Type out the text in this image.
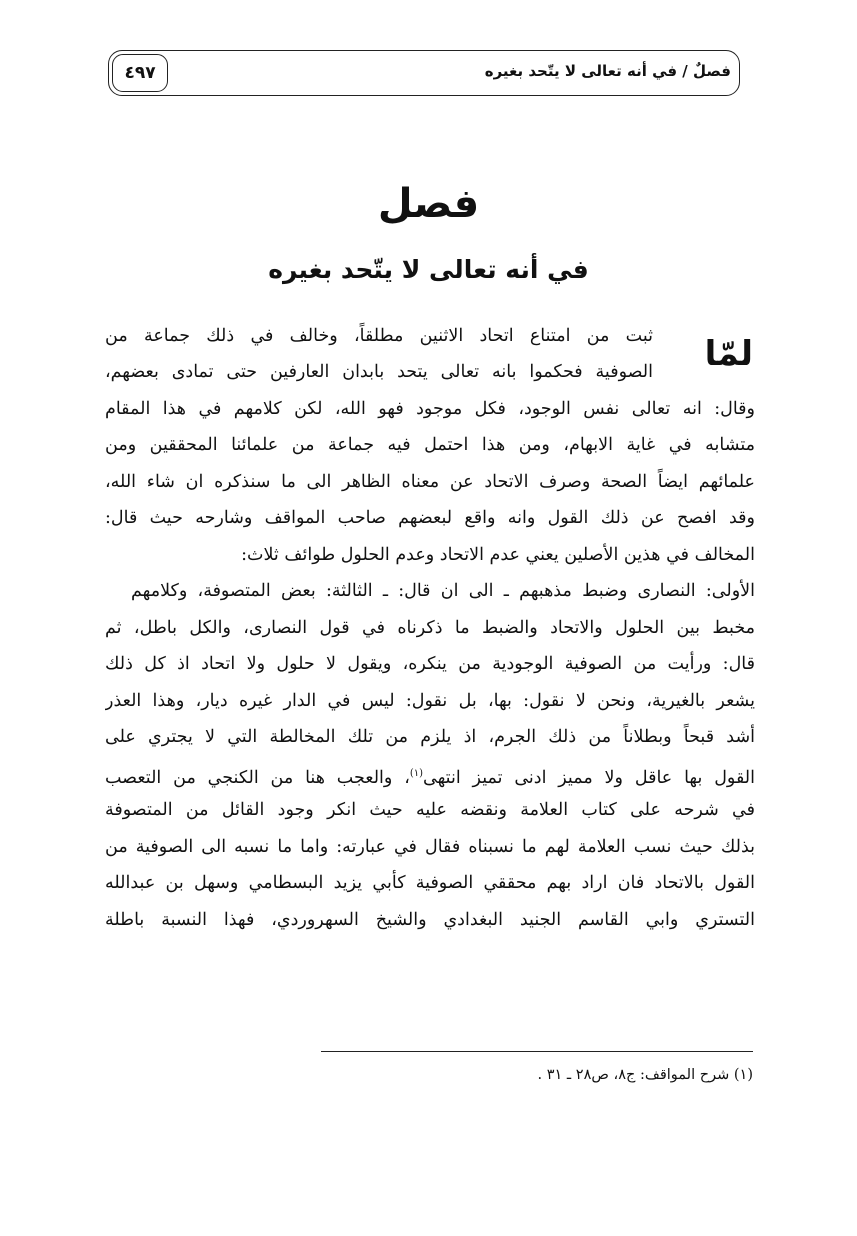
٤٩٧	فصلٌ / في أنه تعالى لا يتّحد بغيره
فصل
في أنه تعالى لا يتّحد بغيره
لمّا
ثبت من امتناع اتحاد الاثنين مطلقاً، وخالف في ذلك جماعة من
الصوفية فحكموا بانه تعالى يتحد بابدان العارفين حتى تمادى بعضهم،
وقال: انه تعالى نفس الوجود، فكل موجود فهو الله، لكن كلامهم في هذا المقام
متشابه في غاية الابهام، ومن هذا احتمل فيه جماعة من علمائنا المحققين ومن
علمائهم ايضاً الصحة وصرف الاتحاد عن معناه الظاهر الى ما سنذكره ان شاء الله،
وقد افصح عن ذلك القول وانه واقع لبعضهم صاحب المواقف وشارحه حيث قال:
المخالف في هذين الأصلين يعني عدم الاتحاد وعدم الحلول طوائف ثلاث:
الأولى: النصارى وضبط مذهبهم ـ الى ان قال: ـ الثالثة: بعض المتصوفة، وكلامهم
مخبط بين الحلول والاتحاد والضبط ما ذكرناه في قول النصارى، والكل باطل، ثم
قال: ورأيت من الصوفية الوجودية من ينكره، ويقول لا حلول ولا اتحاد اذ كل ذلك
يشعر بالغيرية، ونحن لا نقول: بها، بل نقول: ليس في الدار غيره ديار، وهذا العذر
أشد قبحاً وبطلاناً من ذلك الجرم، اذ يلزم من تلك المخالطة التي لا يجتري على
القول بها عاقل ولا مميز ادنى تميز انتهى$^{(١)}$، والعجب هنا من الكنجي من التعصب
في شرحه على كتاب العلامة ونقضه عليه حيث انكر وجود القائل من المتصوفة
بذلك حيث نسب العلامة لهم ما نسبناه فقال في عبارته: واما ما نسبه الى الصوفية من
القول بالاتحاد فان اراد بهم محققي الصوفية كأبي يزيد البسطامي وسهل بن عبدالله
التستري وابي القاسم الجنيد البغدادي والشيخ السهروردي، فهذا النسبة باطلة
(١) شرح المواقف: ج٨، ص٢٨ ـ ٣١ .
